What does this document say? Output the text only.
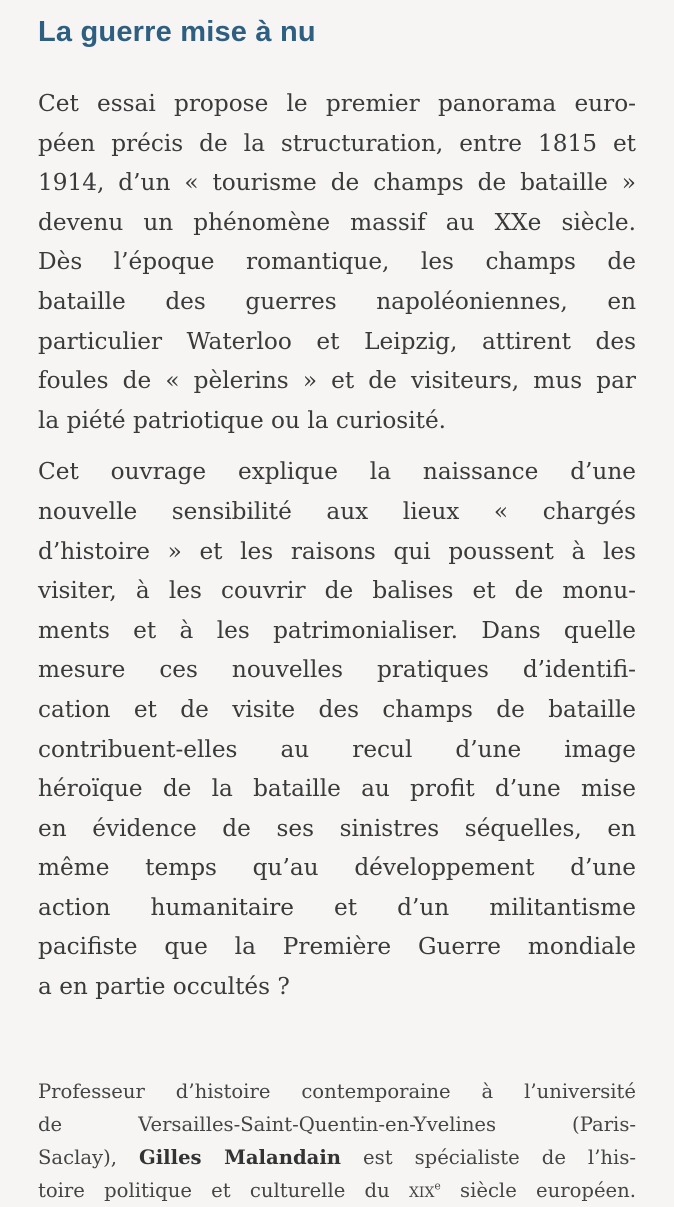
La guerre mise à nu
Cet essai propose le premier panorama euro-
péen précis de la structuration, entre 1815 et
1914, d’un « tourisme de champs de bataille »
devenu un phénomène massif au XXe siècle.
Dès l’époque romantique, les champs de
bataille des guerres napoléoniennes, en
particulier Waterloo et Leipzig, attirent des
foules de « pèlerins » et de visiteurs, mus par
la piété patriotique ou la curiosité.
Cet ouvrage explique la naissance d’une
nouvelle sensibilité aux lieux « chargés
d’histoire » et les raisons qui poussent à les
visiter, à les couvrir de balises et de monu-
ments et à les patrimonialiser. Dans quelle
mesure ces nouvelles pratiques d’identifi-
cation et de visite des champs de bataille
contribuent-elles au recul d’une image
héroïque de la bataille au profit d’une mise
en évidence de ses sinistres séquelles, en
même temps qu’au développement d’une
action humanitaire et d’un militantisme
pacifiste que la Première Guerre mondiale
a en partie occultés ?
Professeur d’histoire contemporaine à l’université
de Versailles-Saint-Quentin-en-Yvelines (Paris-
Saclay), Gilles Malandain est spécialiste de l’his-
toire politique et culturelle du xix$^e$ siècle européen.
